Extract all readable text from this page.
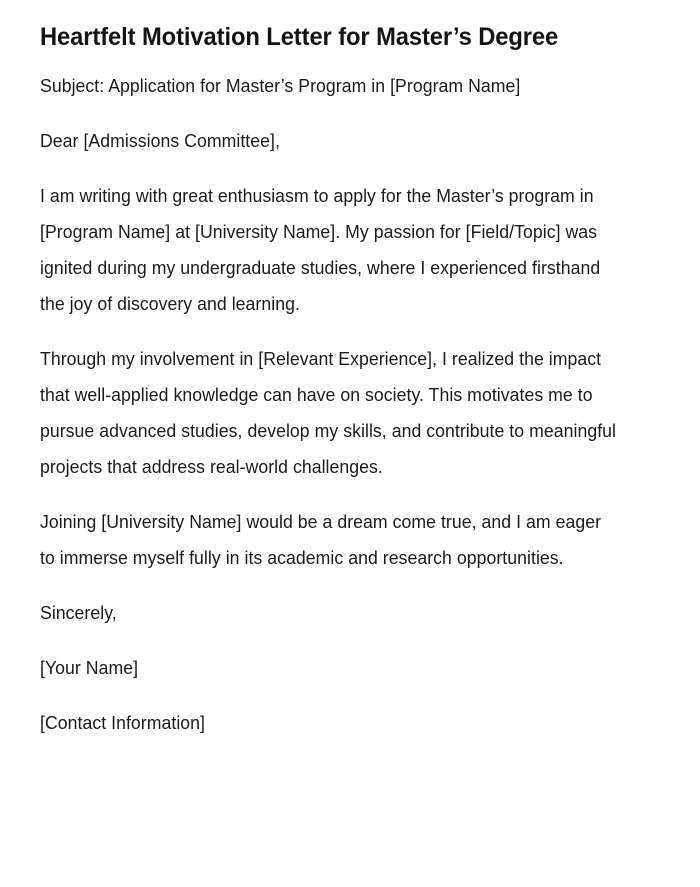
Heartfelt Motivation Letter for Master’s Degree

Subject: Application for Master’s Program in [Program Name]

Dear [Admissions Committee],

I am writing with great enthusiasm to apply for the Master’s program in [Program Name] at [University Name]. My passion for [Field/Topic] was ignited during my undergraduate studies, where I experienced firsthand the joy of discovery and learning.

Through my involvement in [Relevant Experience], I realized the impact that well-applied knowledge can have on society. This motivates me to pursue advanced studies, develop my skills, and contribute to meaningful projects that address real-world challenges.

Joining [University Name] would be a dream come true, and I am eager to immerse myself fully in its academic and research opportunities.

Sincerely,

[Your Name]

[Contact Information]
